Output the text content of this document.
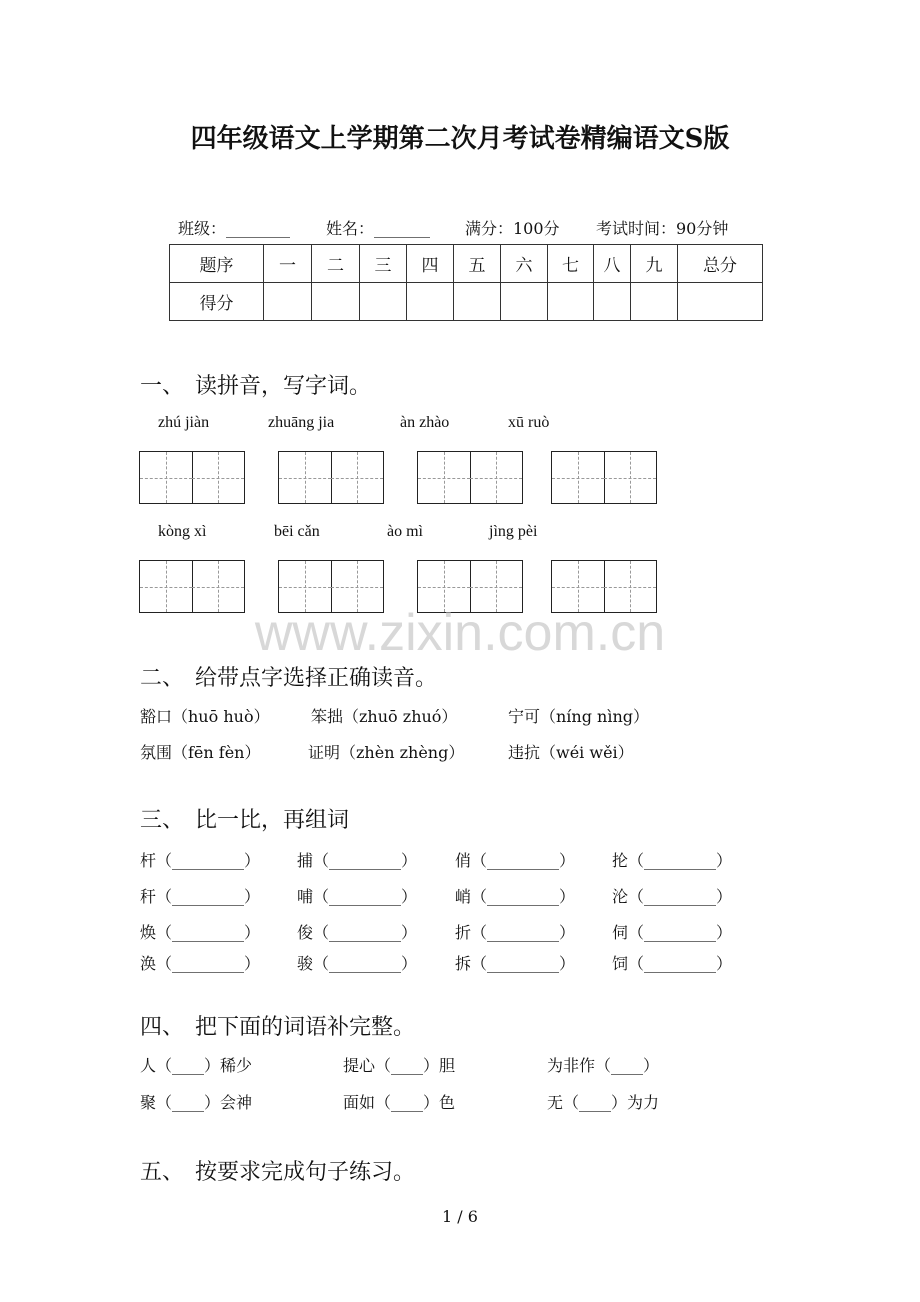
四年级语文上学期第二次月考试卷精编语文S版
班级：________ 姓名：_______ 满分：100分 考试时间：90分钟
题序	一	二	三	四	五	六	七	八	九	总分
得分										
一、　读拼音，写字词。
zhú jiàn	zhuāng jia	àn zhào	xū ruò
kòng xì	bēi cǎn	ào mì	jìng pèi
二、　给带点字选择正确读音。
豁口（huō huò）	笨拙（zhuō zhuó）	宁可（níng nìng）
氛围（fēn fèn）	证明（zhèn zhèng）	违抗（wéi wěi）
三、　比一比，再组词
杆（_________） 捕（_________） 俏（_________） 抡（_________）
秆（_________） 哺（_________） 峭（_________） 沦（_________）
焕（_________） 俊（_________） 折（_________） 伺（_________）
涣（_________） 骏（_________） 拆（_________） 饲（_________）
四、　把下面的词语补完整。
人（____）稀少	提心（____）胆	为非作（____）
聚（____）会神	面如（____）色	无（____）为力
五、　按要求完成句子练习。
www.zixin.com.cn
1 / 6
